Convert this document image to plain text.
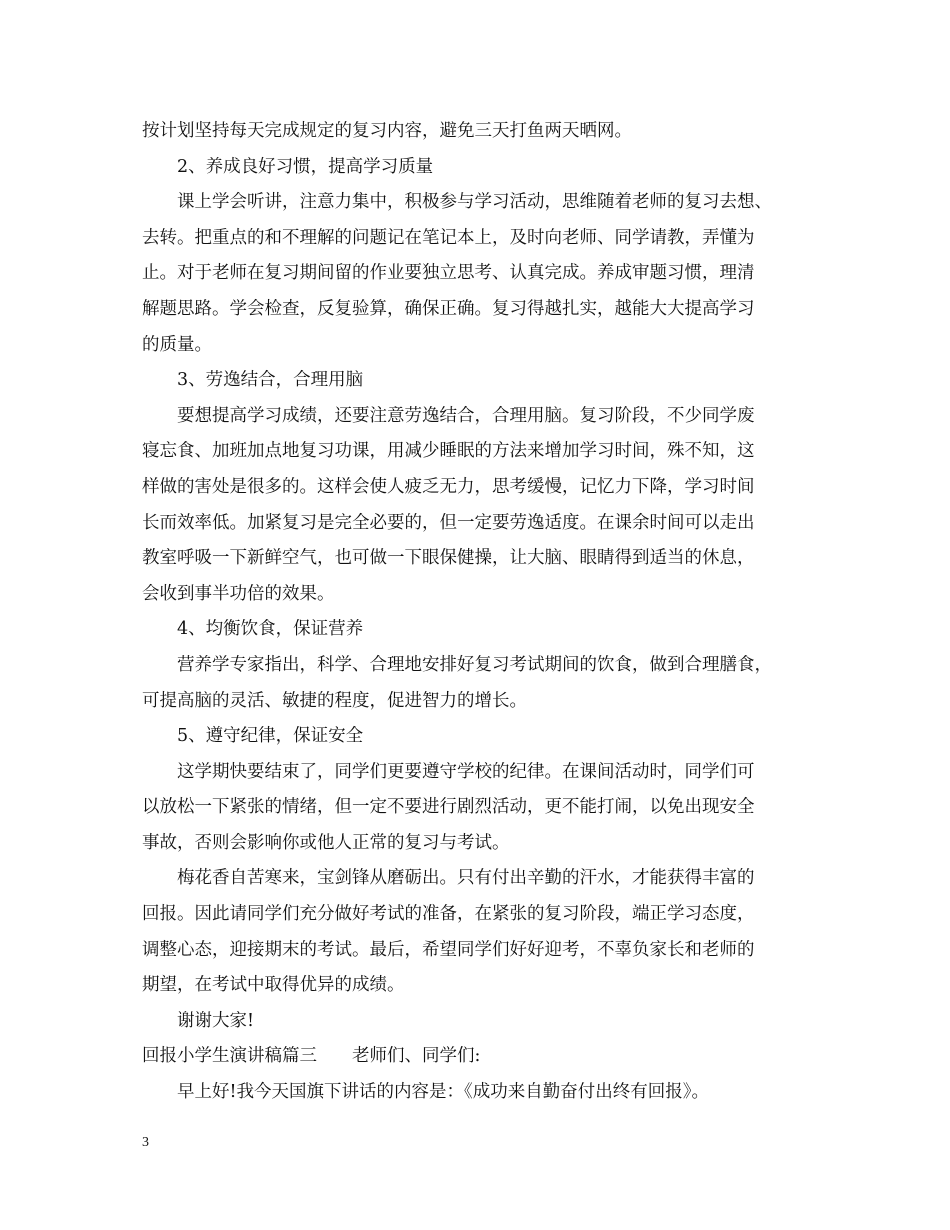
按计划坚持每天完成规定的复习内容，避免三天打鱼两天晒网。
2、养成良好习惯，提高学习质量
课上学会听讲，注意力集中，积极参与学习活动，思维随着老师的复习去想、
去转。把重点的和不理解的问题记在笔记本上，及时向老师、同学请教，弄懂为
止。对于老师在复习期间留的作业要独立思考、认真完成。养成审题习惯，理清
解题思路。学会检查，反复验算，确保正确。复习得越扎实，越能大大提高学习
的质量。
3、劳逸结合，合理用脑
要想提高学习成绩，还要注意劳逸结合，合理用脑。复习阶段，不少同学废
寝忘食、加班加点地复习功课，用减少睡眠的方法来增加学习时间，殊不知，这
样做的害处是很多的。这样会使人疲乏无力，思考缓慢，记忆力下降，学习时间
长而效率低。加紧复习是完全必要的，但一定要劳逸适度。在课余时间可以走出
教室呼吸一下新鲜空气，也可做一下眼保健操，让大脑、眼睛得到适当的休息，
会收到事半功倍的效果。
4、均衡饮食，保证营养
营养学专家指出，科学、合理地安排好复习考试期间的饮食，做到合理膳食，
可提高脑的灵活、敏捷的程度，促进智力的增长。
5、遵守纪律，保证安全
这学期快要结束了，同学们更要遵守学校的纪律。在课间活动时，同学们可
以放松一下紧张的情绪，但一定不要进行剧烈活动，更不能打闹，以免出现安全
事故，否则会影响你或他人正常的复习与考试。
梅花香自苦寒来，宝剑锋从磨砺出。只有付出辛勤的汗水，才能获得丰富的
回报。因此请同学们充分做好考试的准备，在紧张的复习阶段，端正学习态度，
调整心态，迎接期末的考试。最后，希望同学们好好迎考，不辜负家长和老师的
期望，在考试中取得优异的成绩。
谢谢大家!
回报小学生演讲稿篇三　　老师们、同学们:
早上好!我今天国旗下讲话的内容是：《成功来自勤奋付出终有回报》。
3
